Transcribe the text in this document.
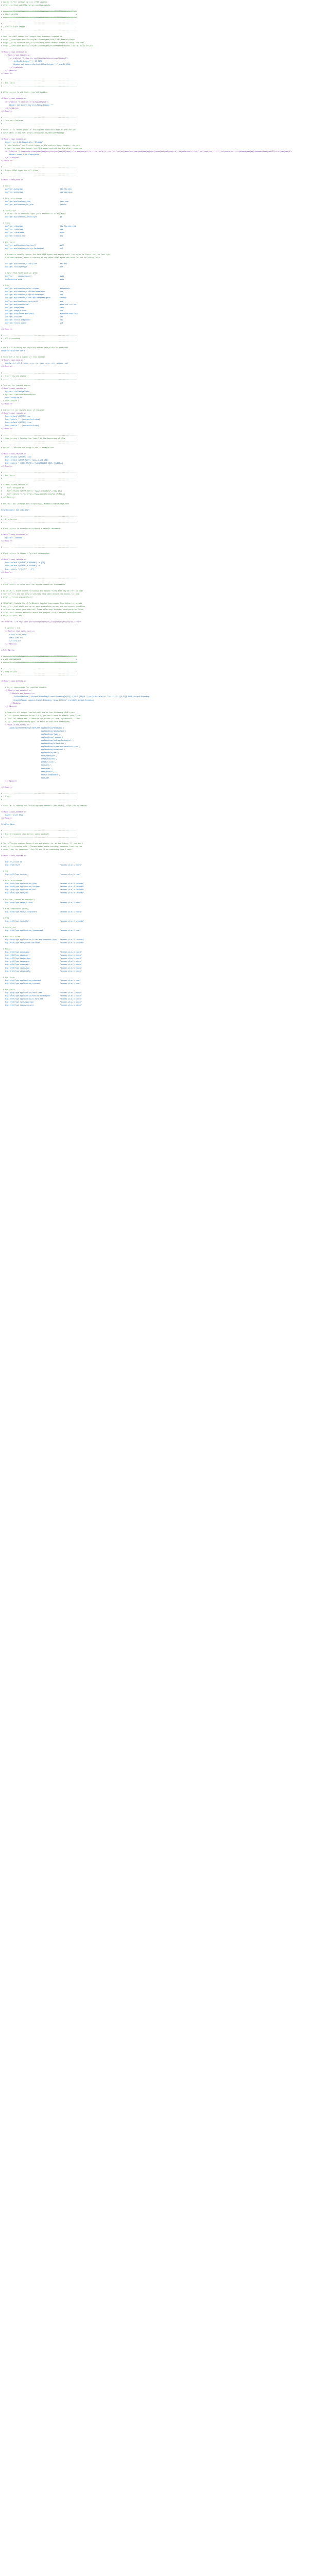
# Apache Server Configs v2.3.0 | MIT License
# https://github.com/h5bp/server-configs-apache
# ######################################################################
# # CROSS-ORIGIN                                                       #
# ######################################################################
# ----------------------------------------------------------------------
# | Cross-origin images                                                |
# ----------------------------------------------------------------------
# Send the CORS header for images when browsers request it.
# https://developer.mozilla.org/en-US/docs/Web/HTML/CORS_enabled_image
# https://blog.chromium.org/2011/07/using-cross-domain-images-in-webgl-and.html
# https://developer.mozilla.org/en-US/docs/Web/HTTP/Headers/Access-Control-Allow-Origin
<IfModule mod_setenvif.c>
<IfModule mod_headers.c>
<FilesMatch "\.(bmp|cur|gif|ico|jpe?g|png|svgz?|webp)$">
SetEnvIf Origin ":" IS_CORS
Header set Access-Control-Allow-Origin "*" env=IS_CORS
</FilesMatch>
</IfModule>
</IfModule>
# ----------------------------------------------------------------------
# | Web fonts                                                          |
# ----------------------------------------------------------------------
# Allow access to web fonts from all domains.
<IfModule mod_headers.c>
<FilesMatch "\.(eot|otf|tt[cf]|woff2?)$">
Header set Access-Control-Allow-Origin "*"
</FilesMatch>
</IfModule>
# ----------------------------------------------------------------------
# | Internet Explorer                                                  |
# ----------------------------------------------------------------------
# Force IE to render pages in the highest available mode in the various
# cases when it may not: https://hsivonen.fi/doctype/#ieedge
<IfModule mod_headers.c>
Header set X-UA-Compatible "IE=edge"
# `mod_headers` can't match based on the content-type, however, we only
# want to send this header for HTML pages and not for the other resources
<FilesMatch "\.(appcache|atom|bbaw|bmp|crx|css|cur|eot|f4[abpv]|flv|geojson|gif|htc|ico|jpe?g|js|json(ld)?|m4[av]|manifest|map|mp4|oex|og[agv]|opus|otf|pdf|png|rdf|rss|safariextz|svgz?|swf|topojson|tt[cf]|txt|vcard|vcf|vtt|webapp|web[mp]|webmanifest|woff2?|xloc|xml|xpi)$">
Header unset X-UA-Compatible
</FilesMatch>
</IfModule>
# ----------------------------------------------------------------------
# | Proper MIME types for all files                                    |
# ----------------------------------------------------------------------
<IfModule mod_mime.c>
# Audio
AddType audio/mp4                                   f4a f4b m4a
AddType audio/ogg                                   oga ogg opus
# Data interchange
AddType application/json                            json map
AddType application/ld+json                         jsonld
# JavaScript
# Normalize to standard type (it's sniffed in IE anyways):
AddType application/javascript                      js
# Video
AddType video/mp4                                   f4v f4p m4v mp4
AddType video/ogg                                   ogv
AddType video/webm                                  webm
AddType video/x-flv                                 flv
# Web fonts
AddType application/font-woff                       woff
AddType application/vnd.ms-fontobject               eot
# Browsers usually ignore the font MIME types and simply sniff the bytes to figure out the font type.
# Chrome however, shows a warning if any other MIME types are used for the following fonts.
AddType application/x-font-ttf                      ttc ttf
AddType font/opentype                               otf
# Make SVGZ fonts work on iPad:
AddType     image/svg+xml                           svgz
AddEncoding gzip                                    svgz
# Other
AddType application/octet-stream                    safariextz
AddType application/x-chrome-extension              crx
AddType application/x-opera-extension               oex
AddType application/x-web-app-manifest+json         webapp
AddType application/x-xpinstall                     xpi
AddType application/xml                             atom rdf rss xml
AddType image/webp                                  webp
AddType image/x-icon                                cur
AddType text/cache-manifest                         appcache manifest
AddType text/vtt                                    vtt
AddType text/x-component                            htc
AddType text/x-vcard                                vcf
</IfModule>
# ----------------------------------------------------------------------
# | UTF-8 encoding                                                     |
# ----------------------------------------------------------------------
# Use UTF-8 encoding for anything served text/plain or text/html
AddDefaultCharset utf-8
# Force UTF-8 for a number of file formats
<IfModule mod_mime.c>
AddCharset utf-8 .atom .css .js .json .rss .vtt .webapp .xml
</IfModule>
# ----------------------------------------------------------------------
# | Start rewrite engine                                               |
# ----------------------------------------------------------------------
# Turn on the rewrite engine
<IfModule mod_rewrite.c>
Options +FollowSymlinks
# Options +SymLinksIfOwnerMatch
RewriteEngine On
# RewriteBase /
</IfModule>
# Explicitly set rewrite base if required
<IfModule mod_rewrite.c>
RewriteCond %{HTTPS} =on
RewriteRule ^ - [env=proto:https]
RewriteCond %{HTTPS} !=on
RewriteRule ^ - [env=proto:http]
</IfModule>
# ----------------------------------------------------------------------
# | Suppressing / Forcing the "www." at the beginning of URLs          |
# ----------------------------------------------------------------------
# Option 1: rewrite www.example.com -> example.com
<IfModule mod_rewrite.c>
RewriteCond %{HTTPS} !=on
RewriteCond %{HTTP_HOST} ^www\.(.+)$ [NC]
RewriteRule ^ %{ENV:PROTO}://%1%{REQUEST_URI} [R=301,L]
</IfModule>
# ----------------------------------------------------------------------
# | Redirects                                                          |
# ----------------------------------------------------------------------
# <IfModule mod_rewrite.c>
#     RewriteEngine On
#     RewriteCond %{HTTP_HOST} ^(www\.)?example\.com$ [NC]
#     RewriteRule ^(.*)$ https://www.example.com/$1 [R=301,L]
# </IfModule>
# Redirect 301 /oldpage.html https://www.example.com/newpage.html
ErrorDocument 404 /404.html
# ----------------------------------------------------------------------
# | File access                                                        |
# ----------------------------------------------------------------------
# Block access to directories without a default document.
<IfModule mod_autoindex.c>
Options -Indexes
</IfModule>
# ----------------------------------------------------------------------
# Block access to hidden files and directories.
<IfModule mod_rewrite.c>
RewriteCond %{SCRIPT_FILENAME} -d [OR]
RewriteCond %{SCRIPT_FILENAME} -f
RewriteRule "(^|/)\." - [F]
</IfModule>
# ----------------------------------------------------------------------
# Block access to files that can expose sensitive information.
# By default, block access to backup and source files that may be left by some
# text editors and can pose a security risk when anyone has access to them.
# https://feross.org/cmsploit/
# IMPORTANT: Update the <FilesMatch> regular expression from below to include
# any files that might end up on your production server and can expose sensitive
# information about your website. These files may include: configuration files,
# files that contain metadata about the project (e.g.: project dependencies),
# build scripts, etc..
<FilesMatch "(^#.*#|\.(bak|conf|dist|fla|in[ci]|log|psd|sh|sql|sw[op])|~)$">
# Apache < 2.3
<IfModule !mod_authz_core.c>
Order allow,deny
Deny from all
Satisfy All
</IfModule>
</FilesMatch>
# ######################################################################
# # WEB PERFORMANCE                                                    #
# ######################################################################
# ----------------------------------------------------------------------
# | Compression                                                        |
# ----------------------------------------------------------------------
<IfModule mod_deflate.c>
# Force compression for mangled headers.
<IfModule mod_setenvif.c>
<IfModule mod_headers.c>
SetEnvIfNoCase ^(Accept-EncodXng|X-cept-Encoding|X{15}|~{15}|-{15})$ ^((gzip|deflate)\s*,?\s*)+|[X~-]{4,13}$ HAVE_Accept-Encoding
RequestHeader append Accept-Encoding "gzip,deflate" env=HAVE_Accept-Encoding
</IfModule>
</IfModule>
# Compress all output labeled with one of the following MIME-types
# (for Apache versions below 2.3.7, you don't need to enable `mod_filter`
#  and can remove the `<IfModule mod_filter.c>` and `</IfModule>` lines
#  as `AddOutputFilterByType` is still in the core directives).
<IfModule mod_filter.c>
AddOutputFilterByType DEFLATE application/atom+xml \
application/javascript \
application/json \
application/rss+xml \
application/vnd.ms-fontobject \
application/x-font-ttf \
application/x-web-app-manifest+json \
application/xhtml+xml \
application/xml \
font/opentype \
image/svg+xml \
image/x-icon \
text/css \
text/html \
text/plain \
text/x-component \
text/xml
</IfModule>
</IfModule>
# ----------------------------------------------------------------------
# | ETags                                                              |
# ----------------------------------------------------------------------
# Since we're sending far-future expires headers (see below), ETags can be removed
<IfModule mod_headers.c>
Header unset ETag
</IfModule>
FileETag None
# ----------------------------------------------------------------------
# | Expires headers (for better cache control)                         |
# ----------------------------------------------------------------------
# The following expires headers are set pretty far in the future. If you don't
# control versioning with filename-based cache busting, consider lowering the
# cache time for resources like CSS and JS to something like 1 week.
<IfModule mod_expires.c>
ExpiresActive on
ExpiresDefault                                      "access plus 1 month"
# CSS
ExpiresByType text/css                              "access plus 1 year"
# Data interchange
ExpiresByType application/json                      "access plus 0 seconds"
ExpiresByType application/ld+json                   "access plus 0 seconds"
ExpiresByType application/xml                       "access plus 0 seconds"
ExpiresByType text/xml                              "access plus 0 seconds"
# Favicon (cannot be renamed!)
ExpiresByType image/x-icon                          "access plus 1 week"
# HTML components (HTCs)
ExpiresByType text/x-component                      "access plus 1 month"
# HTML
ExpiresByType text/html                             "access plus 0 seconds"
# JavaScript
ExpiresByType application/javascript                "access plus 1 year"
# Manifest files
ExpiresByType application/x-web-app-manifest+json   "access plus 0 seconds"
ExpiresByType text/cache-manifest                   "access plus 0 seconds"
# Media
ExpiresByType audio/ogg                             "access plus 1 month"
ExpiresByType image/gif                             "access plus 1 month"
ExpiresByType image/jpeg                            "access plus 1 month"
ExpiresByType image/png                             "access plus 1 month"
ExpiresByType video/mp4                             "access plus 1 month"
ExpiresByType video/ogg                             "access plus 1 month"
ExpiresByType video/webm                            "access plus 1 month"
# Web feeds
ExpiresByType application/atom+xml                  "access plus 1 hour"
ExpiresByType application/rss+xml                   "access plus 1 hour"
# Web fonts
ExpiresByType application/font-woff                 "access plus 1 month"
ExpiresByType application/vnd.ms-fontobject         "access plus 1 month"
ExpiresByType application/x-font-ttf                "access plus 1 month"
ExpiresByType font/opentype                         "access plus 1 month"
ExpiresByType image/svg+xml                         "access plus 1 month"
